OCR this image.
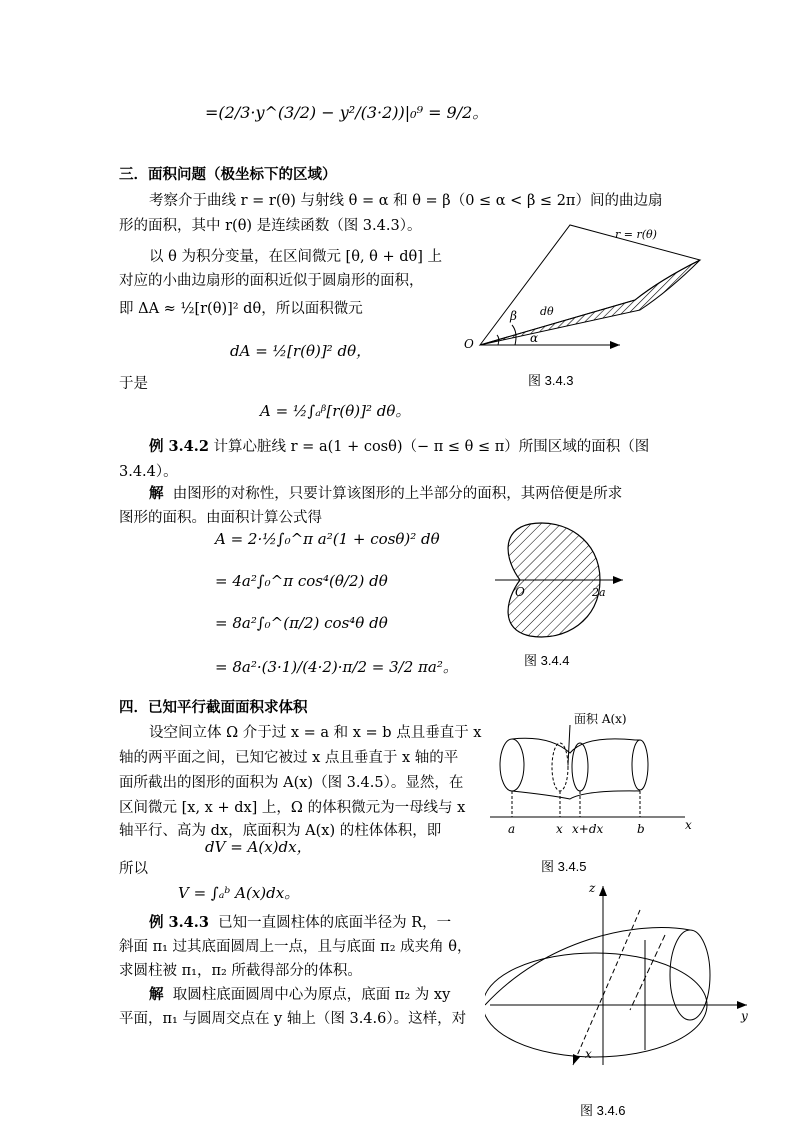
=(2/3·y^(3/2) − y²/(3·2))|₀⁹ = 9/2。
三．面积问题（极坐标下的区域）
考察介于曲线 r = r(θ) 与射线 θ = α 和 θ = β（0 ≤ α < β ≤ 2π）间的曲边扇
形的面积，其中 r(θ) 是连续函数（图 3.4.3）。
以 θ 为积分变量，在区间微元 [θ, θ + dθ] 上
对应的小曲边扇形的面积近似于圆扇形的面积，
即 ΔA ≈ ½[r(θ)]² dθ，所以面积微元
dA = ½[r(θ)]² dθ，
于是
A = ½∫ₐᵝ[r(θ)]² dθ。
r = r(θ)
β dθ
α
O
图 3.4.3
例 3.4.2 计算心脏线 r = a(1 + cosθ)（− π ≤ θ ≤ π）所围区域的面积（图
3.4.4）。
解 由图形的对称性，只要计算该图形的上半部分的面积，其两倍便是所求
图形的面积。由面积计算公式得
A = 2·½∫₀^π a²(1 + cosθ)² dθ
= 4a²∫₀^π cos⁴(θ/2) dθ
= 8a²∫₀^(π/2) cos⁴θ dθ
= 8a²·(3·1)/(4·2)·π/2 = 3/2 πa²。
O	2a
图 3.4.4
四．已知平行截面面积求体积
设空间立体 Ω 介于过 x = a 和 x = b 点且垂直于 x
轴的两平面之间，已知它被过 x 点且垂直于 x 轴的平
面所截出的图形的面积为 A(x)（图 3.4.5）。显然，在
区间微元 [x, x + dx] 上，Ω 的体积微元为一母线与 x
轴平行、高为 dx，底面积为 A(x) 的柱体体积，即
dV = A(x)dx，
所以
V = ∫ₐᵇ A(x)dx。
面积 A(x)
a	x x+dx	b	x
图 3.4.5
例 3.4.3 已知一直圆柱体的底面半径为 R，一
斜面 π₁ 过其底面圆周上一点，且与底面 π₂ 成夹角 θ，
求圆柱被 π₁，π₂ 所截得部分的体积。
解 取圆柱底面圆周中心为原点，底面 π₂ 为 xy
平面，π₁ 与圆周交点在 y 轴上（图 3.4.6）。这样，对
z
y
x
图 3.4.6
